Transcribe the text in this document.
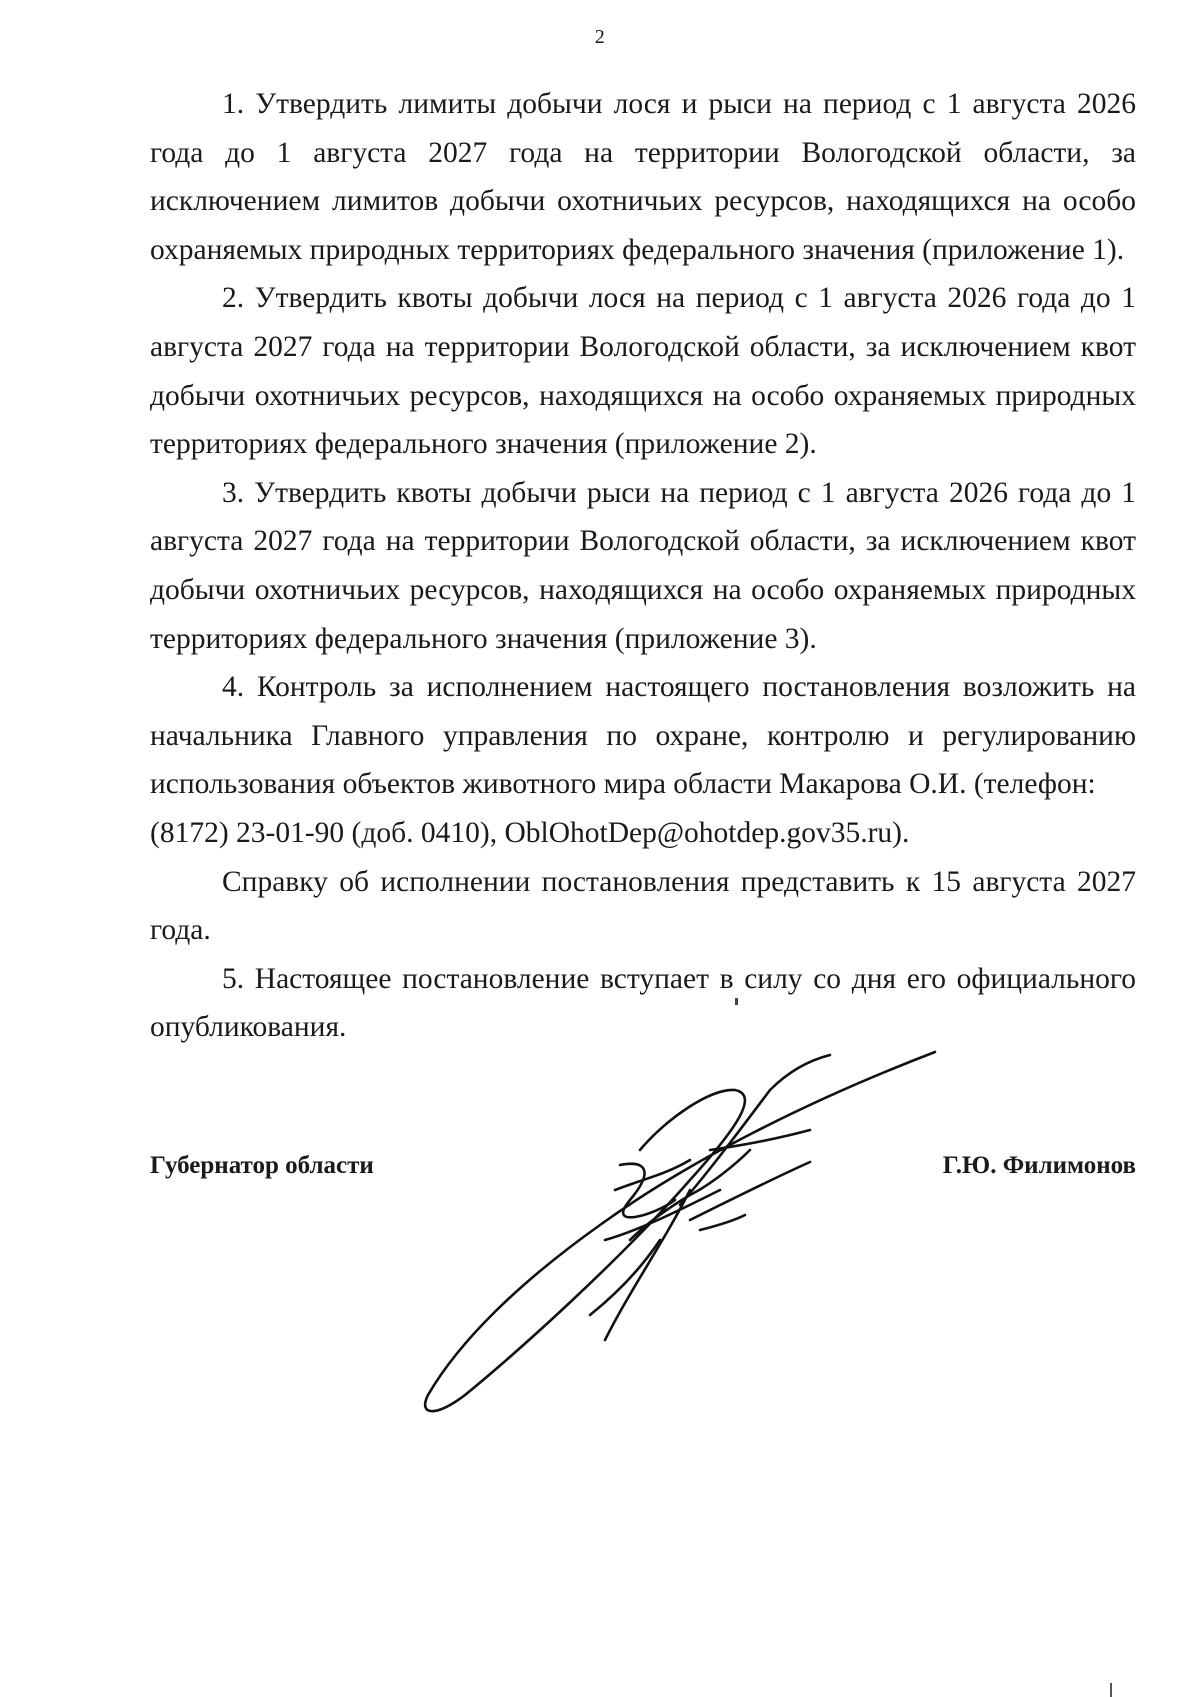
2

1. Утвердить лимиты добычи лося и рыси на период с 1 августа 2026 года до 1 августа 2027 года на территории Вологодской области, за исключением лимитов добычи охотничьих ресурсов, находящихся на особо охраняемых природных территориях федерального значения (приложение 1).

2. Утвердить квоты добычи лося на период с 1 августа 2026 года до 1 августа 2027 года на территории Вологодской области, за исключением квот добычи охотничьих ресурсов, находящихся на особо охраняемых природных территориях федерального значения (приложение 2).

3. Утвердить квоты добычи рыси на период с 1 августа 2026 года до 1 августа 2027 года на территории Вологодской области, за исключением квот добычи охотничьих ресурсов, находящихся на особо охраняемых природных территориях федерального значения (приложение 3).

4. Контроль за исполнением настоящего постановления возложить на начальника Главного управления по охране, контролю и регулированию использования объектов животного мира области Макарова О.И. (телефон:

(8172) 23-01-90 (доб. 0410), OblOhotDep@ohotdep.gov35.ru).

Справку об исполнении постановления представить к 15 августа 2027 года.

5. Настоящее постановление вступает в силу со дня его официального опубликования.

Губернатор области	Г.Ю. Филимонов
